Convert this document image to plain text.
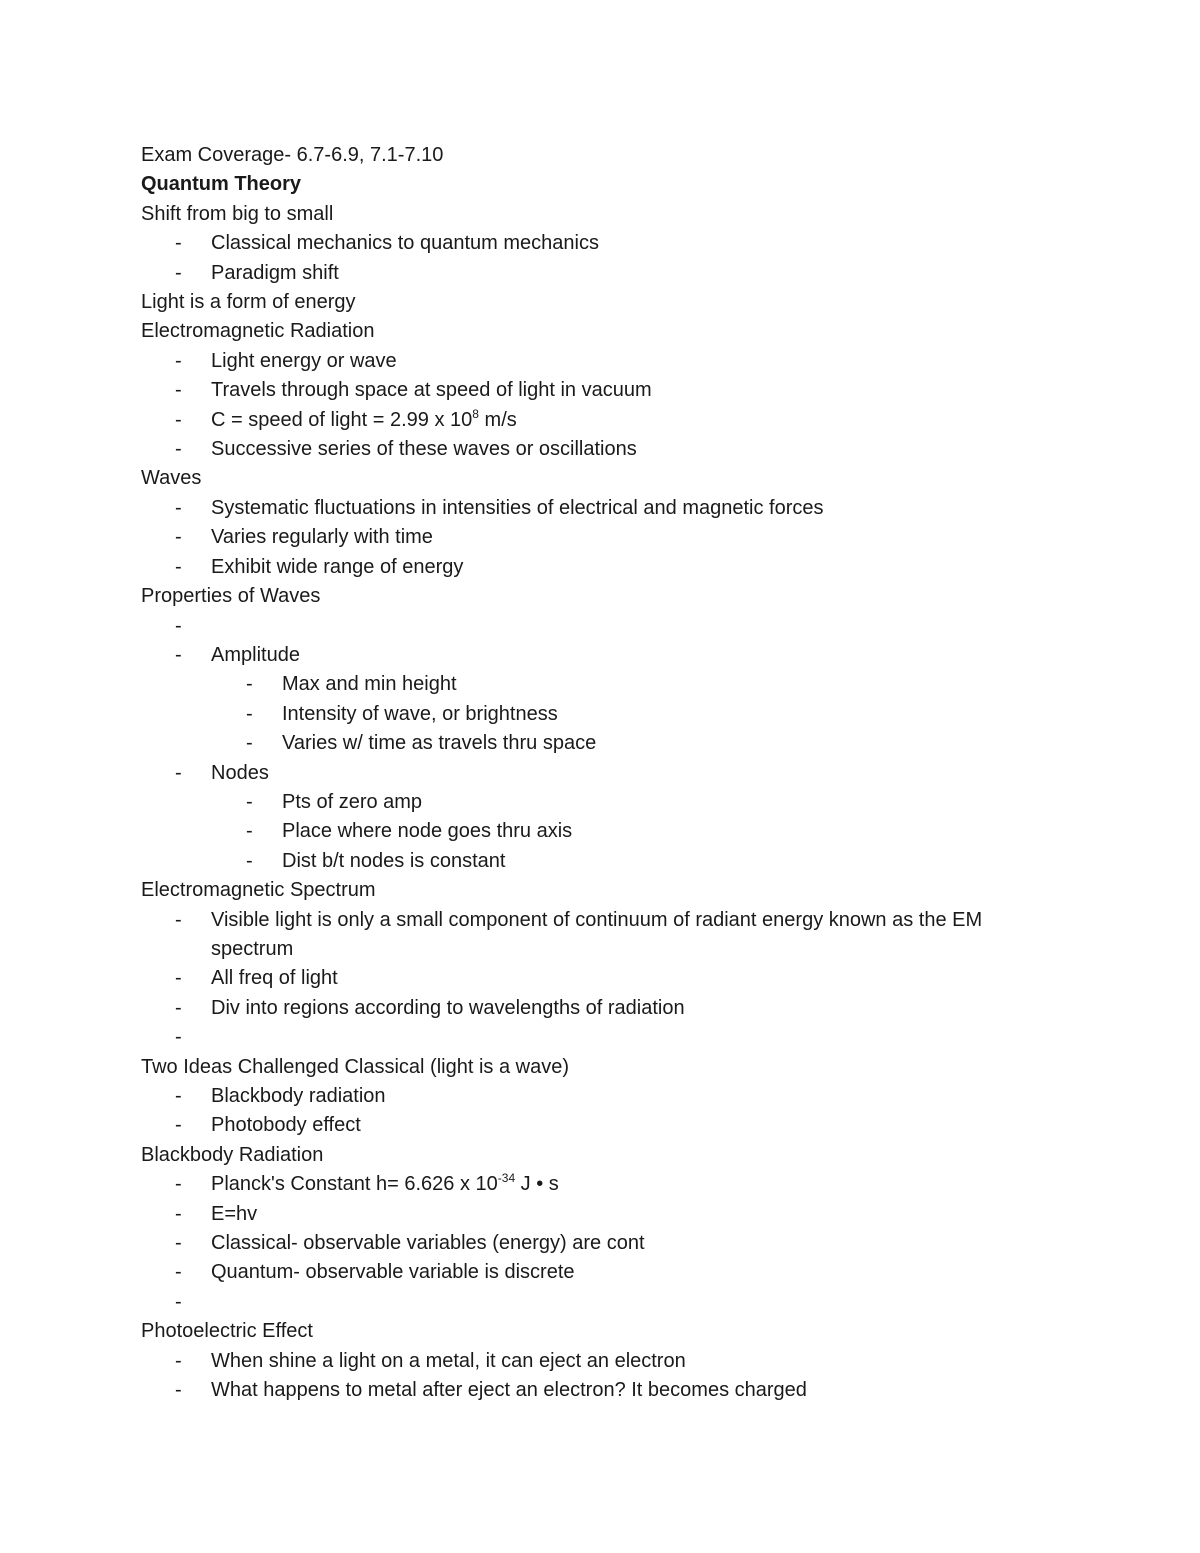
Exam Coverage- 6.7-6.9, 7.1-7.10
Quantum Theory
Shift from big to small
- Classical mechanics to quantum mechanics
- Paradigm shift
Light is a form of energy
Electromagnetic Radiation
- Light energy or wave
- Travels through space at speed of light in vacuum
- C = speed of light = 2.99 x $10^8$ m/s
- Successive series of these waves or oscillations
Waves
- Systematic fluctuations in intensities of electrical and magnetic forces
- Varies regularly with time
- Exhibit wide range of energy
Properties of Waves
-

- Amplitude
- Max and min height
- Intensity of wave, or brightness
- Varies w/ time as travels thru space
- Nodes
- Pts of zero amp
- Place where node goes thru axis
- Dist b/t nodes is constant
Electromagnetic Spectrum
- Visible light is only a small component of continuum of radiant energy known as the EM spectrum
- All freq of light
- Div into regions according to wavelengths of radiation
-

Two Ideas Challenged Classical (light is a wave)
- Blackbody radiation
- Photobody effect
Blackbody Radiation
- Planck's Constant h= 6.626 x $10^{-34}$ J • s
- E=hv
- Classical- observable variables (energy) are cont
- Quantum- observable variable is discrete
-

Photoelectric Effect
- When shine a light on a metal, it can eject an electron
- What happens to metal after eject an electron? It becomes charged
